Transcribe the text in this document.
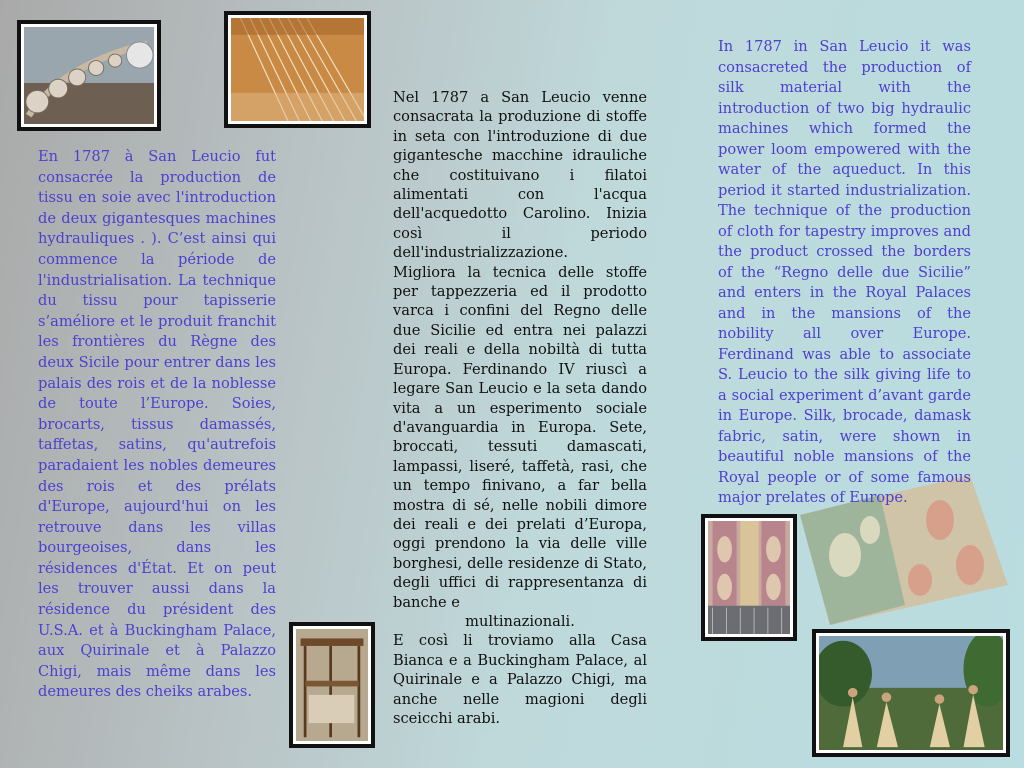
En 1787 à San Leucio fut consacrée la production de tissu en soie avec l'introduction de deux gigantesques machines hydrauliques . ). C’est ainsi qui commence la période de l'industrialisation. La technique du tissu pour tapisserie s’améliore et le produit franchit les frontières du Règne des deux Sicile pour entrer dans les palais des rois et de la noblesse de toute l’Europe. Soies, brocarts, tissus damassés, taffetas, satins, qu'autrefois paradaient les nobles demeures des rois et des prélats d'Europe, aujourd'hui on les retrouve dans les villas bourgeoises, dans les résidences d'État. Et on peut les trouver aussi dans la résidence du président des U.S.A. et à Buckingham Palace, aux Quirinale et à Palazzo Chigi, mais même dans les demeures des cheiks arabes.

Nel 1787 a San Leucio venne consacrata la produzione di stoffe in seta con l'introduzione di due gigantesche macchine idrauliche che costituivano i filatoi alimentati con l'acqua dell'acquedotto Carolino. Inizia così il periodo dell'industrializzazione.

Migliora la tecnica delle stoffe per tappezzeria ed il prodotto varca i confini del Regno delle due Sicilie ed entra nei palazzi dei reali e della nobiltà di tutta Europa. Ferdinando IV riuscì a legare San Leucio e la seta dando vita a un esperimento sociale d'avanguardia in Europa. Sete, broccati, tessuti damascati, lampassi, liseré, taffetà, rasi, che un tempo finivano, a far bella mostra di sé, nelle nobili dimore dei reali e dei prelati d’Europa, oggi prendono la via delle ville borghesi, delle residenze di Stato, degli uffici di rappresentanza di banche e

multinazionali.

E così li troviamo alla Casa Bianca e a Buckingham Palace, al Quirinale e a Palazzo Chigi, ma anche nelle magioni degli sceicchi arabi.

In 1787 in San Leucio it was consacreted the production of silk material with the introduction of two big hydraulic machines which formed the power loom empowered with the water of the aqueduct. In this period it started industrialization. The technique of the production of cloth for tapestry improves and the product crossed the borders of the “Regno delle due Sicilie” and enters in the Royal Palaces and in the mansions of the nobility all over Europe. Ferdinand was able to associate S. Leucio to the silk giving life to a social experiment d’avant garde in Europe. Silk, brocade, damask fabric, satin, were shown in beautiful noble mansions of the Royal people or of some famous major prelates of Europe.
